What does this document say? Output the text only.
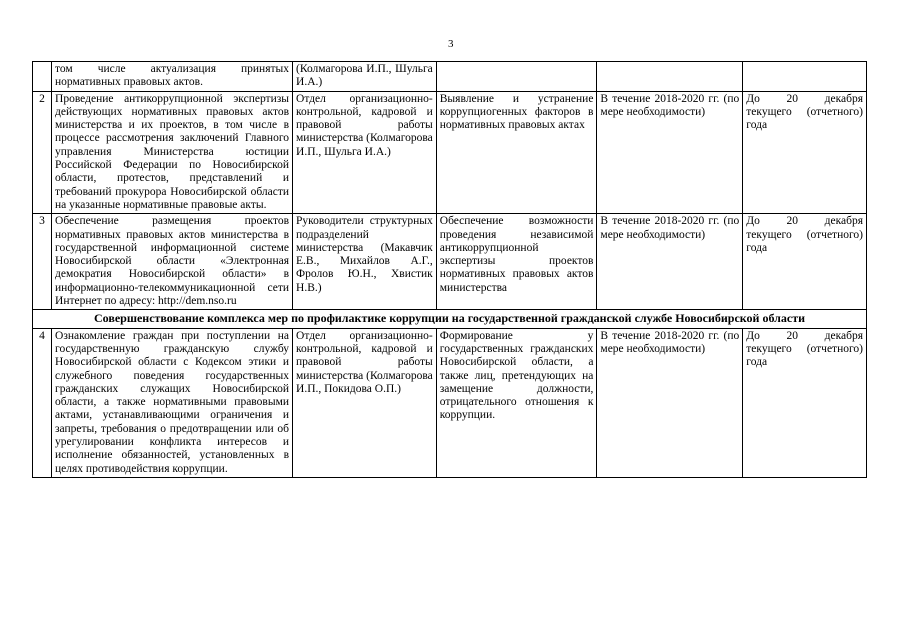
3
	том числе актуализация принятых нормативных правовых актов.	(Колмагорова И.П., Шульга И.А.)			
2	Проведение антикоррупционной экспертизы действующих нормативных правовых актов министерства и их проектов, в том числе в процессе рассмотрения заключений Главного управления Министерства юстиции Российской Федерации по Новосибирской области, протестов, представлений и требований прокурора Новосибирской области на указанные нормативные правовые акты.	Отдел организационно-контрольной, кадровой и правовой работы министерства (Колмагорова И.П., Шульга И.А.)	Выявление и устранение коррупциогенных факторов в нормативных правовых актах	В течение 2018-2020 гг. (по мере необходимости)	До 20 декабря текущего (отчетного) года
3	Обеспечение размещения проектов нормативных правовых актов министерства в государственной информационной системе Новосибирской области «Электронная демократия Новосибирской области» в информационно-телекоммуникационной сети Интернет по адресу: http://dem.nso.ru	Руководители структурных подразделений министерства (Макавчик Е.В., Михайлов А.Г., Фролов Ю.Н., Хвистик Н.В.)	Обеспечение возможности проведения независимой антикоррупционной экспертизы проектов нормативных правовых актов министерства	В течение 2018-2020 гг. (по мере необходимости)	До 20 декабря текущего (отчетного) года
Совершенствование комплекса мер по профилактике коррупции на государственной гражданской службе Новосибирской области					
4	Ознакомление граждан при поступлении на государственную гражданскую службу Новосибирской области с Кодексом этики и служебного поведения государственных гражданских служащих Новосибирской области, а также нормативными правовыми актами, устанавливающими ограничения и запреты, требования о предотвращении или об урегулировании конфликта интересов и исполнение обязанностей, установленных в целях противодействия коррупции.	Отдел организационно-контрольной, кадровой и правовой работы министерства (Колмагорова И.П., Покидова О.П.)	Формирование у государственных гражданских Новосибирской области, а также лиц, претендующих на замещение должности, отрицательного отношения к коррупции.	В течение 2018-2020 гг. (по мере необходимости)	До 20 декабря текущего (отчетного) года
